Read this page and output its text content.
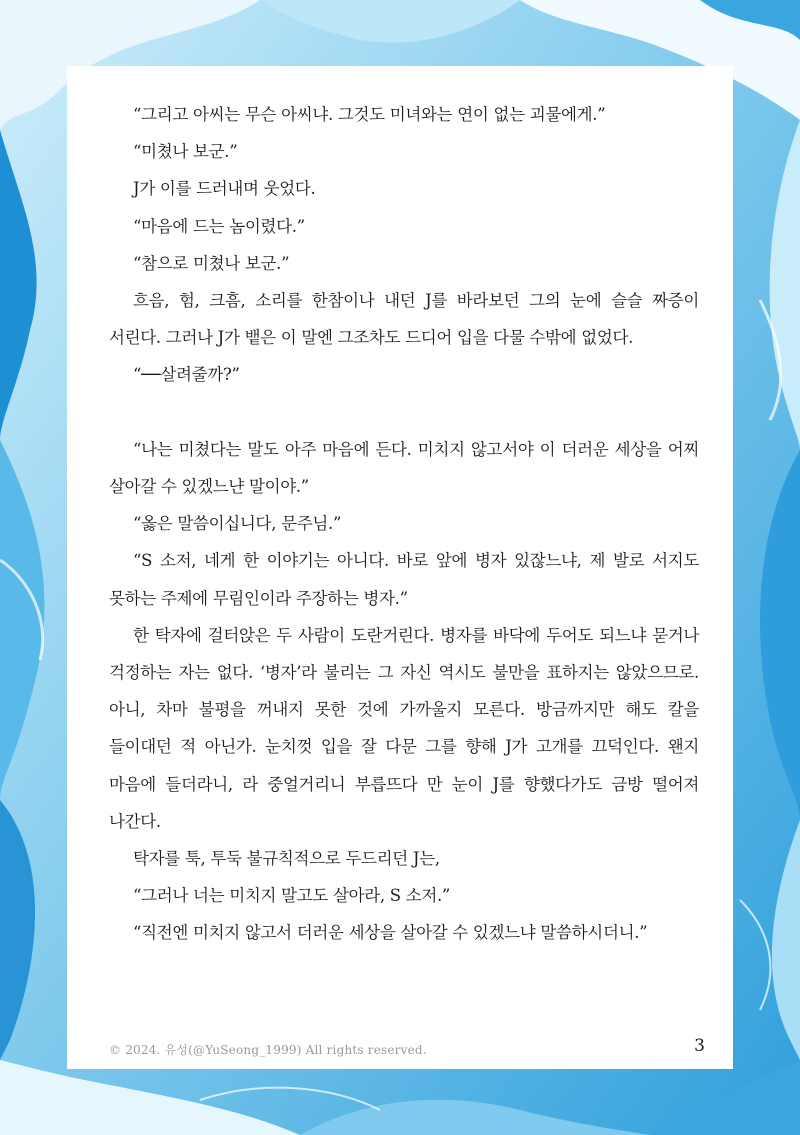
“그리고 아씨는 무슨 아씨냐. 그것도 미녀와는 연이 없는 괴물에게.”

“미쳤나 보군.”

J가 이를 드러내며 웃었다.

“마음에 드는 놈이렸다.”

“참으로 미쳤나 보군.”

흐음, 험, 크흠, 소리를 한참이나 내던 J를 바라보던 그의 눈에 슬슬 짜증이 서린다. 그러나 J가 뱉은 이 말엔 그조차도 드디어 입을 다물 수밖에 없었다.

“──살려줄까?”

“나는 미쳤다는 말도 아주 마음에 든다. 미치지 않고서야 이 더러운 세상을 어찌 살아갈 수 있겠느냔 말이야.”

“옳은 말씀이십니다, 문주님.”

“S 소저, 네게 한 이야기는 아니다. 바로 앞에 병자 있잖느냐, 제 발로 서지도 못하는 주제에 무림인이라 주장하는 병자.”

한 탁자에 걸터앉은 두 사람이 도란거린다. 병자를 바닥에 두어도 되느냐 묻거나 걱정하는 자는 없다. ‘병자’라 불리는 그 자신 역시도 불만을 표하지는 않았으므로. 아니, 차마 불평을 꺼내지 못한 것에 가까울지 모른다. 방금까지만 해도 칼을 들이대던 적 아닌가. 눈치껏 입을 잘 다문 그를 향해 J가 고개를 끄덕인다. 왠지 마음에 들더라니, 라 중얼거리니 부릅뜨다 만 눈이 J를 향했다가도 금방 떨어져 나간다.

탁자를 툭, 투둑 불규칙적으로 두드리던 J는,

“그러나 너는 미치지 말고도 살아라, S 소저.”

“직전엔 미치지 않고서 더러운 세상을 살아갈 수 있겠느냐 말씀하시더니.”

© 2024. 유성(@YuSeong_1999) All rights reserved.	3
